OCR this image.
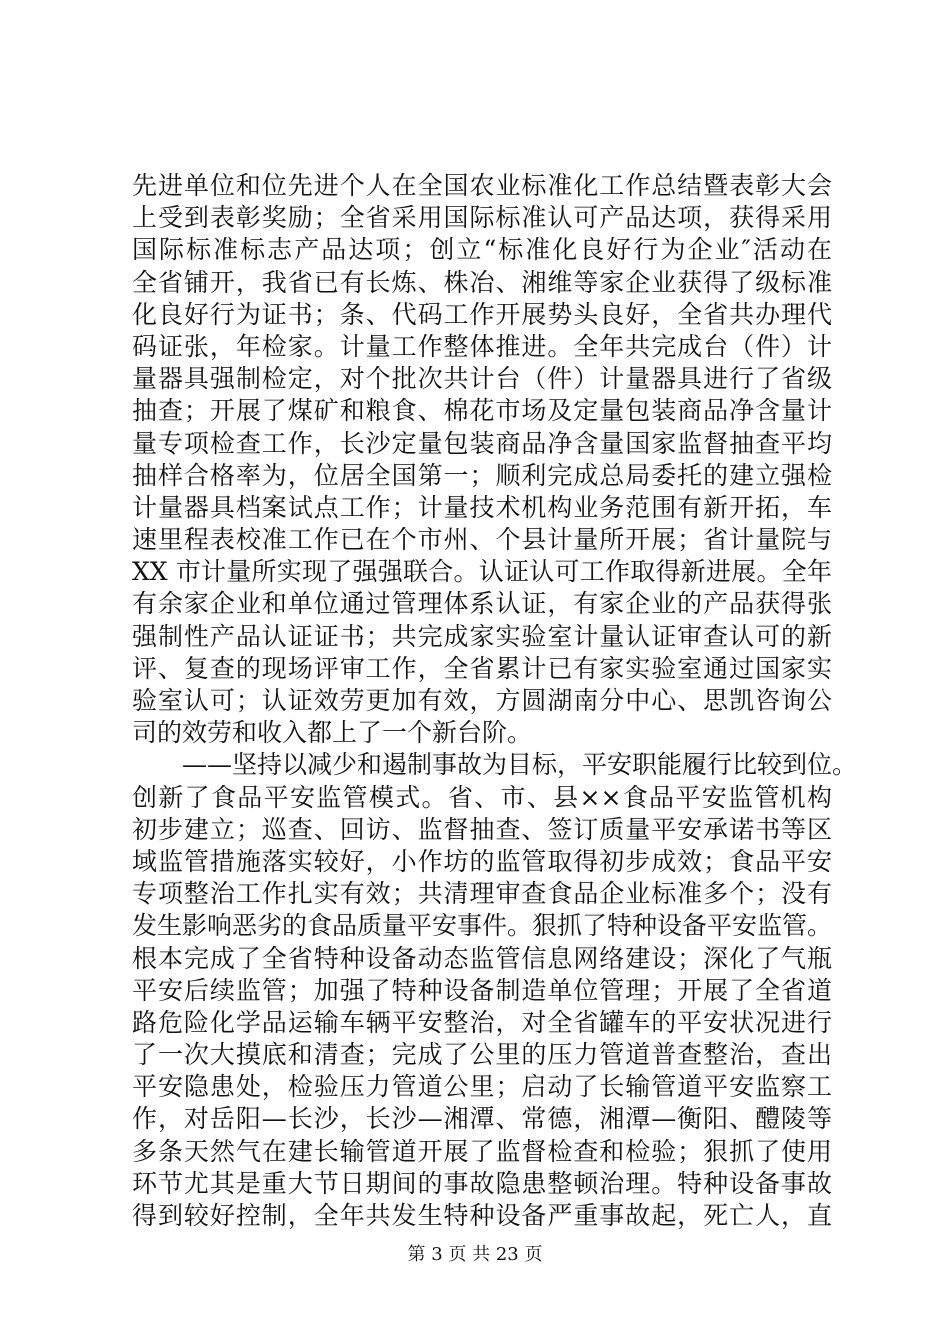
先进单位和位先进个人在全国农业标准化工作总结暨表彰大会
上受到表彰奖励；全省采用国际标准认可产品达项，获得采用
国际标准标志产品达项；创立“标准化良好行为企业″活动在
全省铺开，我省已有长炼、株冶、湘维等家企业获得了级标准
化良好行为证书；条、代码工作开展势头良好，全省共办理代
码证张，年检家。计量工作整体推进。全年共完成台（件）计
量器具强制检定，对个批次共计台（件）计量器具进行了省级
抽查；开展了煤矿和粮食、棉花市场及定量包装商品净含量计
量专项检查工作，长沙定量包装商品净含量国家监督抽查平均
抽样合格率为，位居全国第一；顺利完成总局委托的建立强检
计量器具档案试点工作；计量技术机构业务范围有新开拓，车
速里程表校准工作已在个市州、个县计量所开展；省计量院与
XX 市计量所实现了强强联合。认证认可工作取得新进展。全年
有余家企业和单位通过管理体系认证，有家企业的产品获得张
强制性产品认证证书；共完成家实验室计量认证审查认可的新
评、复查的现场评审工作，全省累计已有家实验室通过国家实
验室认可；认证效劳更加有效，方圆湖南分中心、思凯咨询公
司的效劳和收入都上了一个新台阶。
——坚持以减少和遏制事故为目标，平安职能履行比较到位。
创新了食品平安监管模式。省、市、县××食品平安监管机构
初步建立；巡查、回访、监督抽查、签订质量平安承诺书等区
域监管措施落实较好，小作坊的监管取得初步成效；食品平安
专项整治工作扎实有效；共清理审查食品企业标准多个；没有
发生影响恶劣的食品质量平安事件。狠抓了特种设备平安监管。
根本完成了全省特种设备动态监管信息网络建设；深化了气瓶
平安后续监管；加强了特种设备制造单位管理；开展了全省道
路危险化学品运输车辆平安整治，对全省罐车的平安状况进行
了一次大摸底和清查；完成了公里的压力管道普查整治，查出
平安隐患处，检验压力管道公里；启动了长输管道平安监察工
作，对岳阳—长沙，长沙—湘潭、常德，湘潭—衡阳、醴陵等
多条天然气在建长输管道开展了监督检查和检验；狠抓了使用
环节尤其是重大节日期间的事故隐患整顿治理。特种设备事故
得到较好控制，全年共发生特种设备严重事故起，死亡人，直
第 3 页 共 23 页
